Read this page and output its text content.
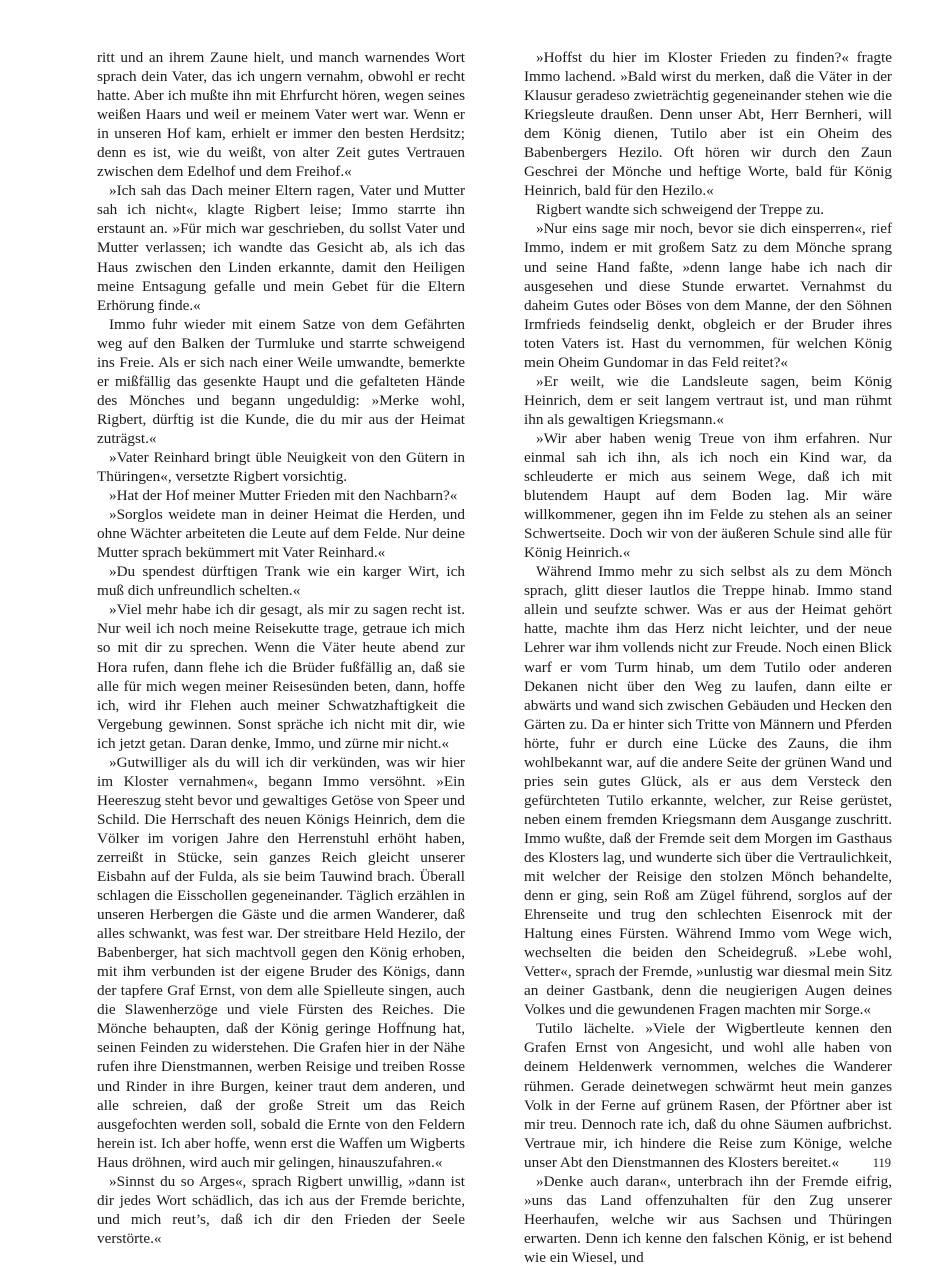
ritt und an ihrem Zaune hielt, und manch warnendes Wort sprach dein Vater, das ich ungern vernahm, obwohl er recht hatte. Aber ich mußte ihn mit Ehrfurcht hören, wegen seines weißen Haars und weil er meinem Vater wert war. Wenn er in unseren Hof kam, erhielt er immer den besten Herdsitz; denn es ist, wie du weißt, von alter Zeit gutes Vertrauen zwischen dem Edelhof und dem Freihof.«

»Ich sah das Dach meiner Eltern ragen, Vater und Mutter sah ich nicht«, klagte Rigbert leise; Immo starrte ihn erstaunt an. »Für mich war geschrieben, du sollst Vater und Mutter verlassen; ich wandte das Gesicht ab, als ich das Haus zwischen den Linden erkannte, damit den Heiligen meine Entsagung gefalle und mein Gebet für die Eltern Erhörung finde.«

Immo fuhr wieder mit einem Satze von dem Gefährten weg auf den Balken der Turmluke und starrte schweigend ins Freie. Als er sich nach einer Weile umwandte, bemerkte er mißfällig das gesenkte Haupt und die gefalteten Hände des Mönches und begann ungeduldig: »Merke wohl, Rigbert, dürftig ist die Kunde, die du mir aus der Heimat zuträgst.«

»Vater Reinhard bringt üble Neuigkeit von den Gütern in Thüringen«, versetzte Rigbert vorsichtig.

»Hat der Hof meiner Mutter Frieden mit den Nachbarn?«

»Sorglos weidete man in deiner Heimat die Herden, und ohne Wächter arbeiteten die Leute auf dem Felde. Nur deine Mutter sprach bekümmert mit Vater Reinhard.«

»Du spendest dürftigen Trank wie ein karger Wirt, ich muß dich unfreundlich schelten.«

»Viel mehr habe ich dir gesagt, als mir zu sagen recht ist. Nur weil ich noch meine Reisekutte trage, getraue ich mich so mit dir zu sprechen. Wenn die Väter heute abend zur Hora rufen, dann flehe ich die Brüder fußfällig an, daß sie alle für mich wegen meiner Reisesünden beten, dann, hoffe ich, wird ihr Flehen auch meiner Schwatzhaftigkeit die Vergebung gewinnen. Sonst spräche ich nicht mit dir, wie ich jetzt getan. Daran denke, Immo, und zürne mir nicht.«

»Gutwilliger als du will ich dir verkünden, was wir hier im Kloster vernahmen«, begann Immo versöhnt. »Ein Heereszug steht bevor und gewaltiges Getöse von Speer und Schild. Die Herrschaft des neuen Königs Heinrich, dem die Völker im vorigen Jahre den Herrenstuhl erhöht haben, zerreißt in Stücke, sein ganzes Reich gleicht unserer Eisbahn auf der Fulda, als sie beim Tauwind brach. Überall schlagen die Eisschollen gegeneinander. Täglich erzählen in unseren Herbergen die Gäste und die armen Wanderer, daß alles schwankt, was fest war. Der streitbare Held Hezilo, der Babenberger, hat sich machtvoll gegen den König erhoben, mit ihm verbunden ist der eigene Bruder des Königs, dann der tapfere Graf Ernst, von dem alle Spielleute singen, auch die Slawenherzöge und viele Fürsten des Reiches. Die Mönche behaupten, daß der König geringe Hoffnung hat, seinen Feinden zu widerstehen. Die Grafen hier in der Nähe rufen ihre Dienstmannen, werben Reisige und treiben Rosse und Rinder in ihre Burgen, keiner traut dem anderen, und alle schreien, daß der große Streit um das Reich ausgefochten werden soll, sobald die Ernte von den Feldern herein ist. Ich aber hoffe, wenn erst die Waffen um Wigberts Haus dröhnen, wird auch mir gelingen, hinauszufahren.«

»Sinnst du so Arges«, sprach Rigbert unwillig, »dann ist dir jedes Wort schädlich, das ich aus der Fremde berichte, und mich reut’s, daß ich dir den Frieden der Seele verstörte.«

»Hoffst du hier im Kloster Frieden zu finden?« fragte Immo lachend. »Bald wirst du merken, daß die Väter in der Klausur geradeso zwieträchtig gegeneinander stehen wie die Kriegsleute draußen. Denn unser Abt, Herr Bernheri, will dem König dienen, Tutilo aber ist ein Oheim des Babenbergers Hezilo. Oft hören wir durch den Zaun Geschrei der Mönche und heftige Worte, bald für König Heinrich, bald für den Hezilo.«

Rigbert wandte sich schweigend der Treppe zu.

»Nur eins sage mir noch, bevor sie dich einsperren«, rief Immo, indem er mit großem Satz zu dem Mönche sprang und seine Hand faßte, »denn lange habe ich nach dir ausgesehen und diese Stunde erwartet. Vernahmst du daheim Gutes oder Böses von dem Manne, der den Söhnen Irmfrieds feindselig denkt, obgleich er der Bruder ihres toten Vaters ist. Hast du vernommen, für welchen König mein Oheim Gundomar in das Feld reitet?«

»Er weilt, wie die Landsleute sagen, beim König Heinrich, dem er seit langem vertraut ist, und man rühmt ihn als gewaltigen Kriegsmann.«

»Wir aber haben wenig Treue von ihm erfahren. Nur einmal sah ich ihn, als ich noch ein Kind war, da schleuderte er mich aus seinem Wege, daß ich mit blutendem Haupt auf dem Boden lag. Mir wäre willkommener, gegen ihn im Felde zu stehen als an seiner Schwertseite. Doch wir von der äußeren Schule sind alle für König Heinrich.«

Während Immo mehr zu sich selbst als zu dem Mönch sprach, glitt dieser lautlos die Treppe hinab. Immo stand allein und seufzte schwer. Was er aus der Heimat gehört hatte, machte ihm das Herz nicht leichter, und der neue Lehrer war ihm vollends nicht zur Freude. Noch einen Blick warf er vom Turm hinab, um dem Tutilo oder anderen Dekanen nicht über den Weg zu laufen, dann eilte er abwärts und wand sich zwischen Gebäuden und Hecken den Gärten zu. Da er hinter sich Tritte von Männern und Pferden hörte, fuhr er durch eine Lücke des Zauns, die ihm wohlbekannt war, auf die andere Seite der grünen Wand und pries sein gutes Glück, als er aus dem Versteck den gefürchteten Tutilo erkannte, welcher, zur Reise gerüstet, neben einem fremden Kriegsmann dem Ausgange zuschritt. Immo wußte, daß der Fremde seit dem Morgen im Gasthaus des Klosters lag, und wunderte sich über die Vertraulichkeit, mit welcher der Reisige den stolzen Mönch behandelte, denn er ging, sein Roß am Zügel führend, sorglos auf der Ehrenseite und trug den schlechten Eisenrock mit der Haltung eines Fürsten. Während Immo vom Wege wich, wechselten die beiden den Scheidegruß. »Lebe wohl, Vetter«, sprach der Fremde, »unlustig war diesmal mein Sitz an deiner Gastbank, denn die neugierigen Augen deines Volkes und die gewundenen Fragen machten mir Sorge.«

Tutilo lächelte. »Viele der Wigbertleute kennen den Grafen Ernst von Angesicht, und wohl alle haben von deinem Heldenwerk vernommen, welches die Wanderer rühmen. Gerade deinetwegen schwärmt heut mein ganzes Volk in der Ferne auf grünem Rasen, der Pförtner aber ist mir treu. Dennoch rate ich, daß du ohne Säumen aufbrichst. Vertraue mir, ich hindere die Reise zum Könige, welche unser Abt den Dienstmannen des Klosters bereitet.«

»Denke auch daran«, unterbrach ihn der Fremde eifrig, »uns das Land offenzuhalten für den Zug unserer Heerhaufen, welche wir aus Sachsen und Thüringen erwarten. Denn ich kenne den falschen König, er ist behend wie ein Wiesel, und

119
